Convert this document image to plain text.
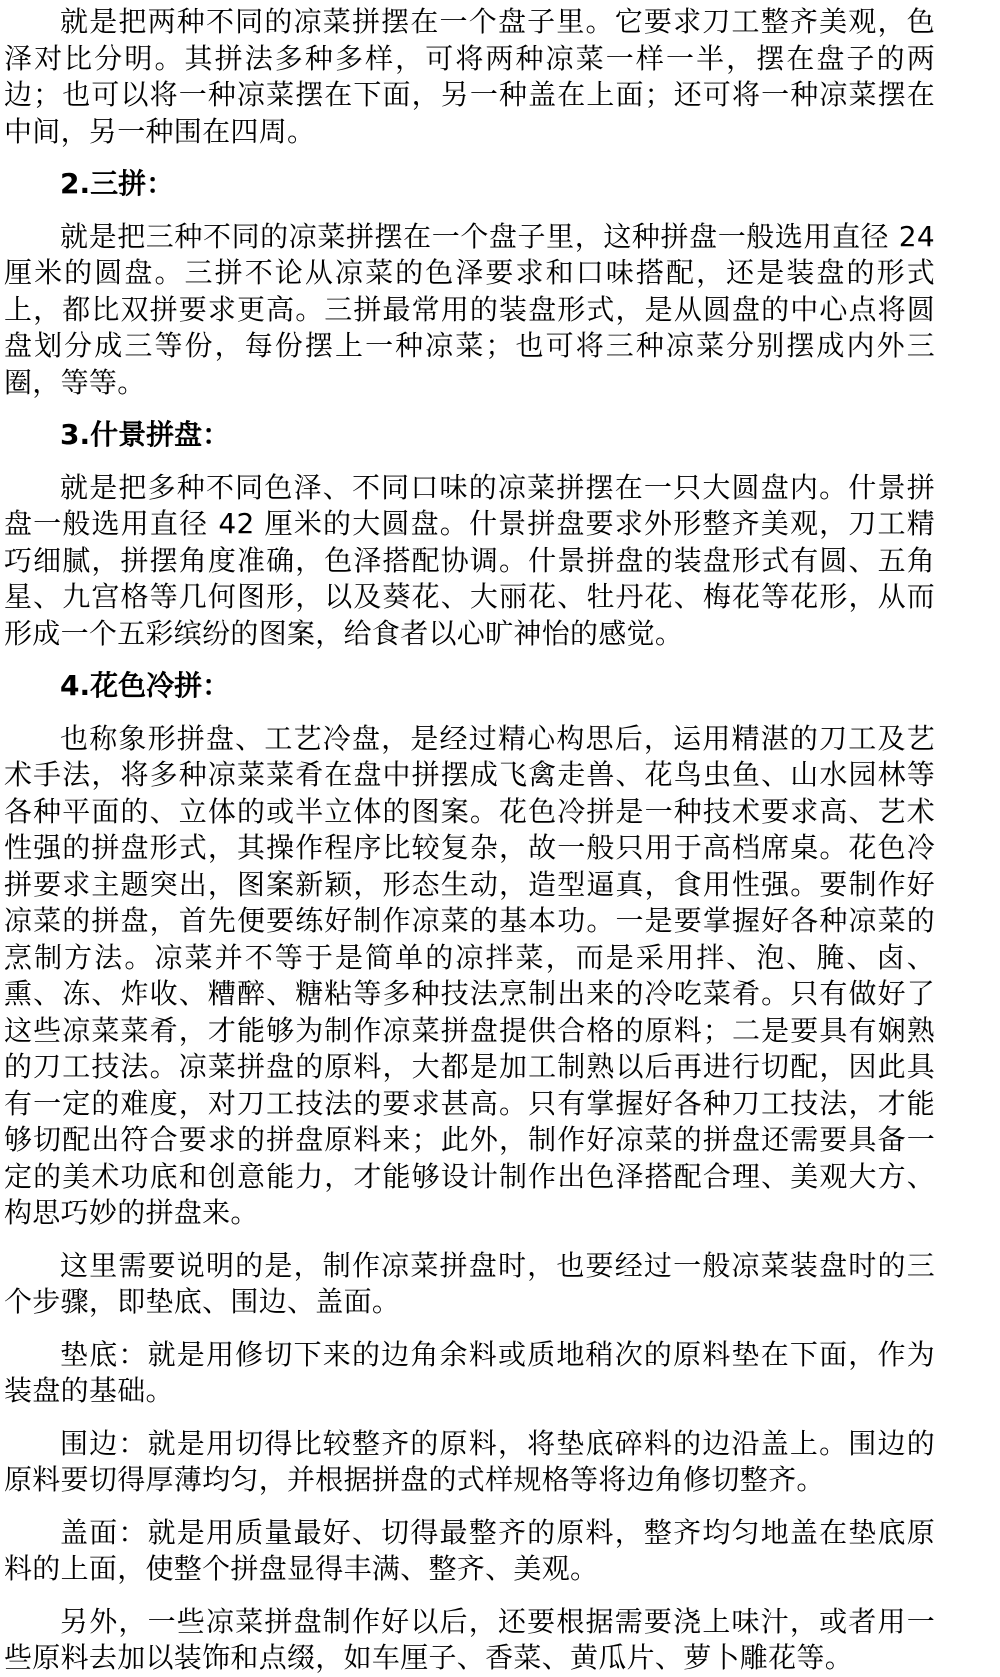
就是把两种不同的凉菜拼摆在一个盘子里。它要求刀工整齐美观，色泽对比分明。其拼法多种多样，可将两种凉菜一样一半，摆在盘子的两边；也可以将一种凉菜摆在下面，另一种盖在上面；还可将一种凉菜摆在中间，另一种围在四周。

2.三拼：

就是把三种不同的凉菜拼摆在一个盘子里，这种拼盘一般选用直径 24 厘米的圆盘。三拼不论从凉菜的色泽要求和口味搭配，还是装盘的形式上，都比双拼要求更高。三拼最常用的装盘形式，是从圆盘的中心点将圆盘划分成三等份，每份摆上一种凉菜；也可将三种凉菜分别摆成内外三圈，等等。

3.什景拼盘：

就是把多种不同色泽、不同口味的凉菜拼摆在一只大圆盘内。什景拼盘一般选用直径 42 厘米的大圆盘。什景拼盘要求外形整齐美观，刀工精巧细腻，拼摆角度准确，色泽搭配协调。什景拼盘的装盘形式有圆、五角星、九宫格等几何图形，以及葵花、大丽花、牡丹花、梅花等花形，从而形成一个五彩缤纷的图案，给食者以心旷神怡的感觉。

4.花色冷拼：

也称象形拼盘、工艺冷盘，是经过精心构思后，运用精湛的刀工及艺术手法，将多种凉菜菜肴在盘中拼摆成飞禽走兽、花鸟虫鱼、山水园林等各种平面的、立体的或半立体的图案。花色冷拼是一种技术要求高、艺术性强的拼盘形式，其操作程序比较复杂，故一般只用于高档席桌。花色冷拼要求主题突出，图案新颖，形态生动，造型逼真，食用性强。要制作好凉菜的拼盘，首先便要练好制作凉菜的基本功。一是要掌握好各种凉菜的烹制方法。凉菜并不等于是简单的凉拌菜，而是采用拌、泡、腌、卤、熏、冻、炸收、糟醉、糖粘等多种技法烹制出来的冷吃菜肴。只有做好了这些凉菜菜肴，才能够为制作凉菜拼盘提供合格的原料；二是要具有娴熟的刀工技法。凉菜拼盘的原料，大都是加工制熟以后再进行切配，因此具有一定的难度，对刀工技法的要求甚高。只有掌握好各种刀工技法，才能够切配出符合要求的拼盘原料来；此外，制作好凉菜的拼盘还需要具备一定的美术功底和创意能力，才能够设计制作出色泽搭配合理、美观大方、构思巧妙的拼盘来。

这里需要说明的是，制作凉菜拼盘时，也要经过一般凉菜装盘时的三个步骤，即垫底、围边、盖面。

垫底：就是用修切下来的边角余料或质地稍次的原料垫在下面，作为装盘的基础。

围边：就是用切得比较整齐的原料，将垫底碎料的边沿盖上。围边的原料要切得厚薄均匀，并根据拼盘的式样规格等将边角修切整齐。

盖面：就是用质量最好、切得最整齐的原料，整齐均匀地盖在垫底原料的上面，使整个拼盘显得丰满、整齐、美观。

另外，一些凉菜拼盘制作好以后，还要根据需要浇上味汁，或者用一些原料去加以装饰和点缀，如车厘子、香菜、黄瓜片、萝卜雕花等。
